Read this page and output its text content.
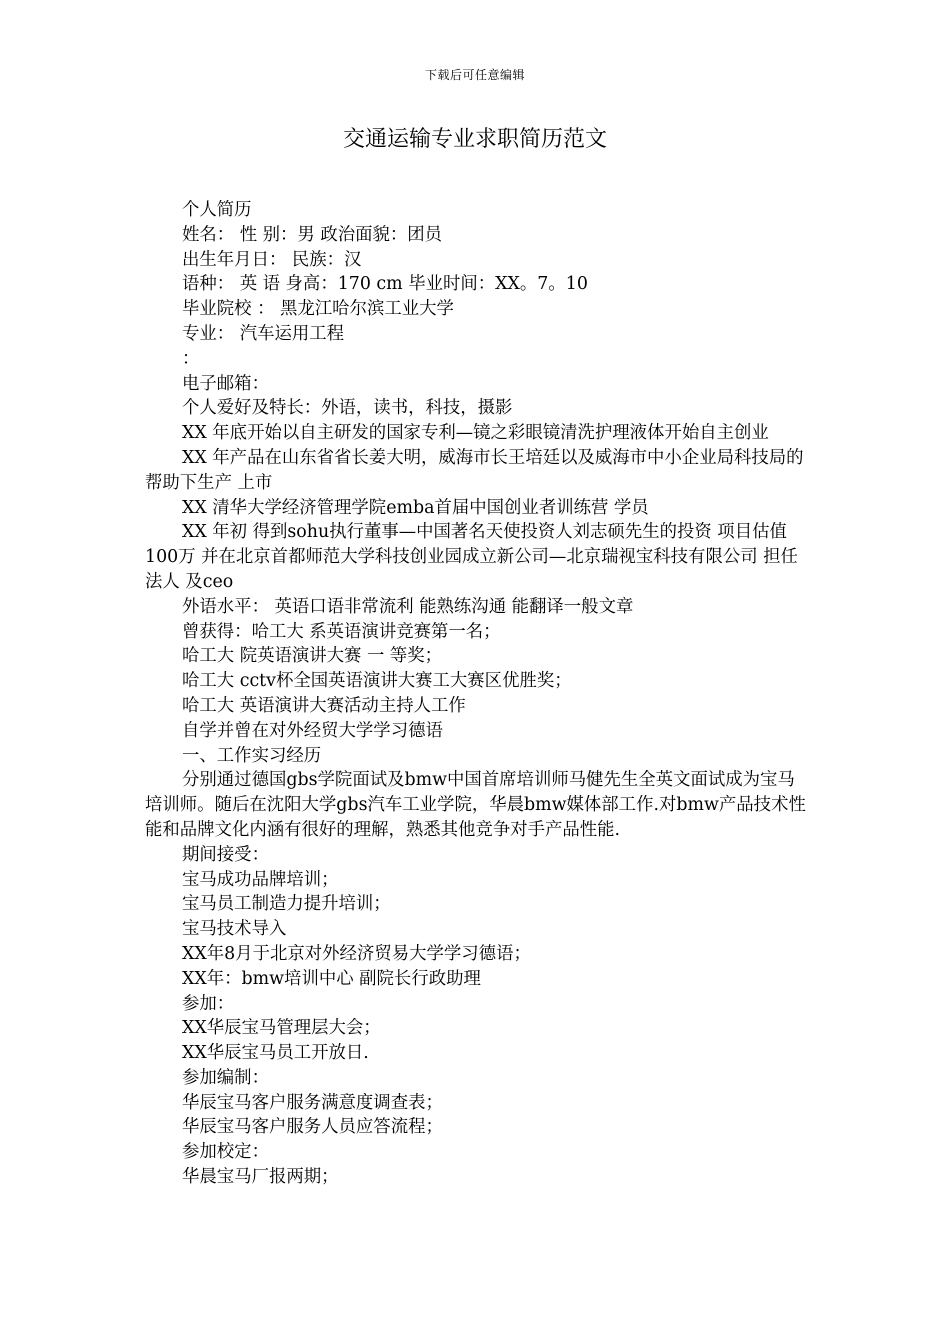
下载后可任意编辑
交通运输专业求职简历范文

个人简历

姓名： 性 别：男 政治面貌：团员

出生年月日： 民族：汉

语种： 英 语 身高：170 cm 毕业时间：XX。7。10

毕业院校 ： 黑龙江哈尔滨工业大学

专业： 汽车运用工程

：

电子邮箱：

个人爱好及特长：外语，读书，科技，摄影

XX 年底开始以自主研发的国家专利—镜之彩眼镜清洗护理液体开始自主创业

XX 年产品在山东省省长姜大明，威海市长王培廷以及威海市中小企业局科技局的帮助下生产 上市

XX 清华大学经济管理学院emba首届中国创业者训练营 学员

XX 年初 得到sohu执行董事—中国著名天使投资人刘志硕先生的投资 项目估值100万 并在北京首都师范大学科技创业园成立新公司—北京瑞视宝科技有限公司 担任法人 及ceo

外语水平： 英语口语非常流利 能熟练沟通 能翻译一般文章

曾获得：哈工大 系英语演讲竞赛第一名；

哈工大 院英语演讲大赛 一 等奖；

哈工大 cctv杯全国英语演讲大赛工大赛区优胜奖；

哈工大 英语演讲大赛活动主持人工作

自学并曾在对外经贸大学学习德语

一、工作实习经历

分别通过德国gbs学院面试及bmw中国首席培训师马健先生全英文面试成为宝马培训师。随后在沈阳大学gbs汽车工业学院，华晨bmw媒体部工作.对bmw产品技术性能和品牌文化内涵有很好的理解，熟悉其他竞争对手产品性能.

期间接受：

宝马成功品牌培训；

宝马员工制造力提升培训；

宝马技术导入

XX年8月于北京对外经济贸易大学学习德语；

XX年：bmw培训中心 副院长行政助理

参加：

XX华辰宝马管理层大会；

XX华辰宝马员工开放日.

参加编制：

华辰宝马客户服务满意度调查表；

华辰宝马客户服务人员应答流程；

参加校定：

华晨宝马厂报两期；
